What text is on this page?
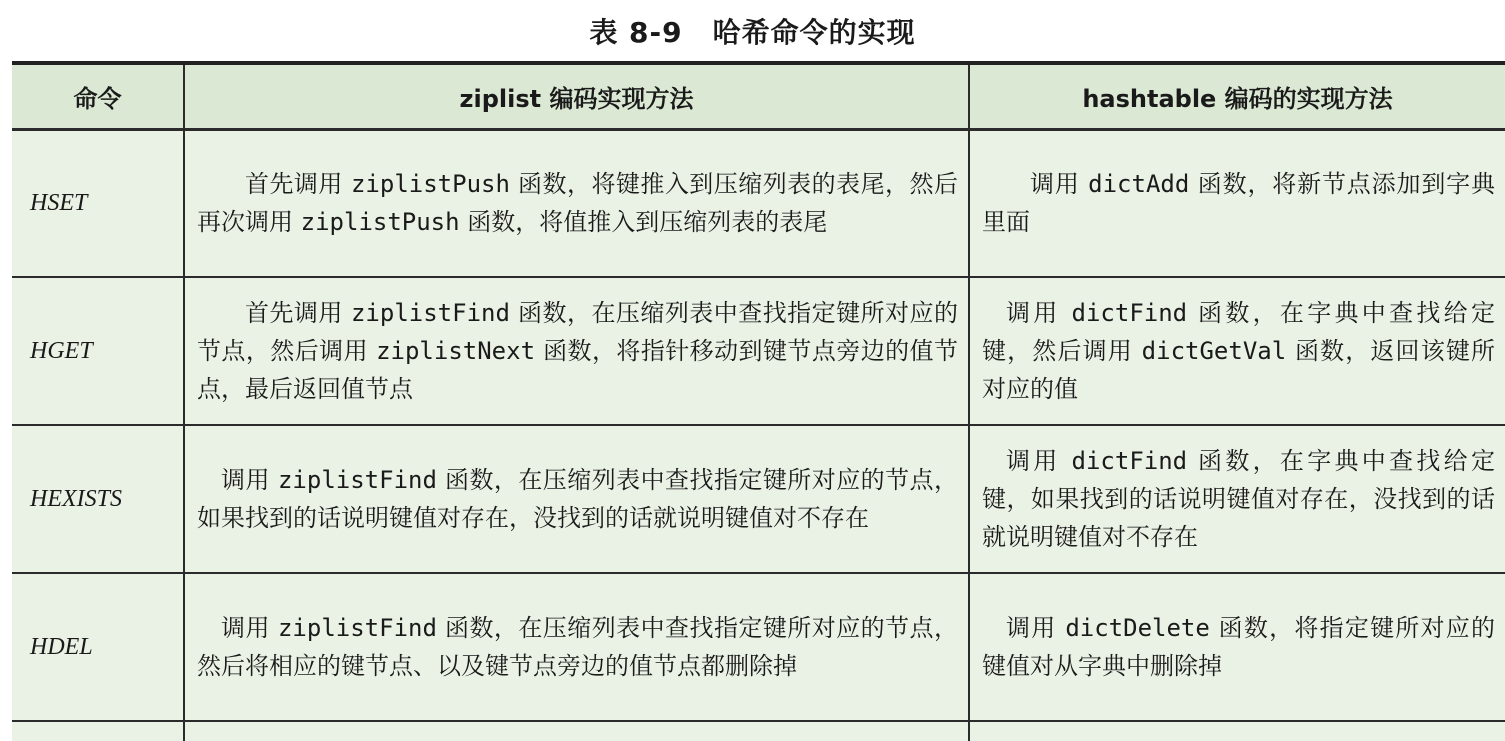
表 8-9 哈希命令的实现
命令	ziplist 编码实现方法	hashtable 编码的实现方法
HSET	首先调用 ziplistPush 函数，将键推入到压缩列表的表尾，然后再次调用 ziplistPush 函数，将值推入到压缩列表的表尾	调用 dictAdd 函数，将新节点添加到字典里面
HGET	首先调用 ziplistFind 函数，在压缩列表中查找指定键所对应的节点，然后调用 ziplistNext 函数，将指针移动到键节点旁边的值节点，最后返回值节点	调用 dictFind 函数，在字典中查找给定键，然后调用 dictGetVal 函数，返回该键所对应的值
HEXISTS	调用 ziplistFind 函数，在压缩列表中查找指定键所对应的节点，如果找到的话说明键值对存在，没找到的话就说明键值对不存在	调用 dictFind 函数，在字典中查找给定键，如果找到的话说明键值对存在，没找到的话就说明键值对不存在
HDEL	调用 ziplistFind 函数，在压缩列表中查找指定键所对应的节点，然后将相应的键节点、以及键节点旁边的值节点都删除掉	调用 dictDelete 函数，将指定键所对应的键值对从字典中删除掉
